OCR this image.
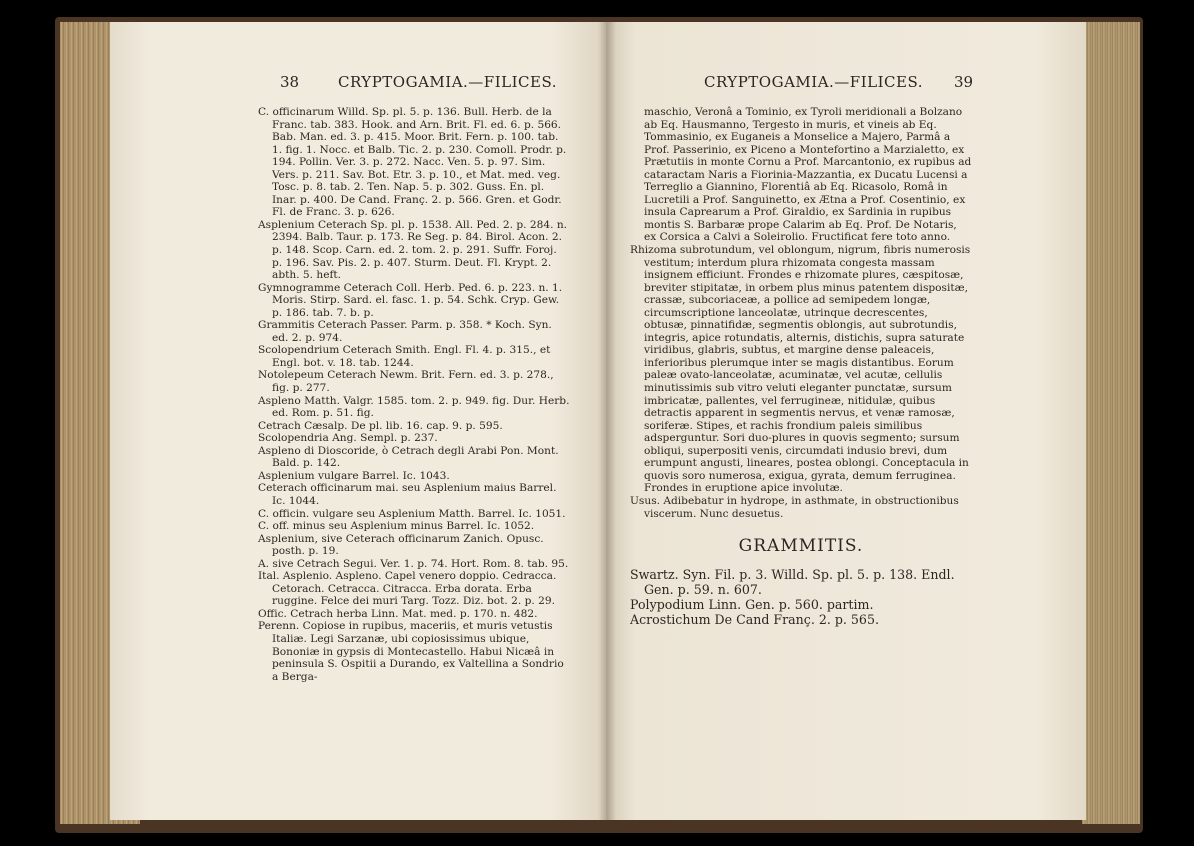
38	CRYPTOGAMIA.—FILICES.

C. officinarum Willd. Sp. pl. 5. p. 136. Bull. Herb. de la Franc. tab. 383. Hook. and Arn. Brit. Fl. ed. 6. p. 566. Bab. Man. ed. 3. p. 415. Moor. Brit. Fern. p. 100. tab. 1. fig. 1. Nocc. et Balb. Tic. 2. p. 230. Comoll. Prodr. p. 194. Pollin. Ver. 3. p. 272. Nacc. Ven. 5. p. 97. Sim. Vers. p. 211. Sav. Bot. Etr. 3. p. 10., et Mat. med. veg. Tosc. p. 8. tab. 2. Ten. Nap. 5. p. 302. Guss. En. pl. Inar. p. 400. De Cand. Franç. 2. p. 566. Gren. et Godr. Fl. de Franc. 3. p. 626.

Asplenium Ceterach Sp. pl. p. 1538. All. Ped. 2. p. 284. n. 2394. Balb. Taur. p. 173. Re Seg. p. 84. Birol. Acon. 2. p. 148. Scop. Carn. ed. 2. tom. 2. p. 291. Suffr. Foroj. p. 196. Sav. Pis. 2. p. 407. Sturm. Deut. Fl. Krypt. 2. abth. 5. heft.

Gymnogramme Ceterach Coll. Herb. Ped. 6. p. 223. n. 1. Moris. Stirp. Sard. el. fasc. 1. p. 54. Schk. Cryp. Gew. p. 186. tab. 7. b. p.

Grammitis Ceterach Passer. Parm. p. 358. * Koch. Syn. ed. 2. p. 974.

Scolopendrium Ceterach Smith. Engl. Fl. 4. p. 315., et Engl. bot. v. 18. tab. 1244.

Notolepeum Ceterach Newm. Brit. Fern. ed. 3. p. 278., fig. p. 277.

Aspleno Matth. Valgr. 1585. tom. 2. p. 949. fig. Dur. Herb. ed. Rom. p. 51. fig.

Cetrach Cæsalp. De pl. lib. 16. cap. 9. p. 595.

Scolopendria Ang. Sempl. p. 237.

Aspleno di Dioscoride, ò Cetrach degli Arabi Pon. Mont. Bald. p. 142.

Asplenium vulgare Barrel. Ic. 1043.

Ceterach officinarum mai. seu Asplenium maius Barrel. Ic. 1044.

C. officin. vulgare seu Asplenium Matth. Barrel. Ic. 1051.

C. off. minus seu Asplenium minus Barrel. Ic. 1052.

Asplenium, sive Ceterach officinarum Zanich. Opusc. posth. p. 19.

A. sive Cetrach Segui. Ver. 1. p. 74. Hort. Rom. 8. tab. 95.

Ital. Asplenio. Aspleno. Capel venero doppio. Cedracca. Cetorach. Cetracca. Citracca. Erba dorata. Erba ruggine. Felce dei muri Targ. Tozz. Diz. bot. 2. p. 29.

Offic. Cetrach herba Linn. Mat. med. p. 170. n. 482.

Perenn. Copiose in rupibus, maceriis, et muris vetustis Italiæ. Legi Sarzanæ, ubi copiosissimus ubique, Bononiæ in gypsis di Montecastello. Habui Nicæâ in peninsula S. Ospitii a Durando, ex Valtellina a Sondrio a Berga-

CRYPTOGAMIA.—FILICES. 39

maschio, Veronâ a Tominio, ex Tyroli meridionali a Bolzano ab Eq. Hausmanno, Tergesto in muris, et vineis ab Eq. Tommasinio, ex Euganeis a Monselice a Majero, Parmâ a Prof. Passerinio, ex Piceno a Montefortino a Marzialetto, ex Prætutiis in monte Cornu a Prof. Marcantonio, ex rupibus ad cataractam Naris a Fiorinia-Mazzantia, ex Ducatu Lucensi a Terreglio a Giannino, Florentiâ ab Eq. Ricasolo, Româ in Lucretili a Prof. Sanguinetto, ex Ætna a Prof. Cosentinio, ex insula Caprearum a Prof. Giraldio, ex Sardinia in rupibus montis S. Barbaræ prope Calarim ab Eq. Prof. De Notaris, ex Corsica a Calvi a Soleirolio. Fructificat fere toto anno.

Rhizoma subrotundum, vel oblongum, nigrum, fibris numerosis vestitum; interdum plura rhizomata congesta massam insignem efficiunt. Frondes e rhizomate plures, cæspitosæ, breviter stipitatæ, in orbem plus minus patentem dispositæ, crassæ, subcoriaceæ, a pollice ad semipedem longæ, circumscriptione lanceolatæ, utrinque decrescentes, obtusæ, pinnatifidæ, segmentis oblongis, aut subrotundis, integris, apice rotundatis, alternis, distichis, supra saturate viridibus, glabris, subtus, et margine dense paleaceis, inferioribus plerumque inter se magis distantibus. Eorum paleæ ovato-lanceolatæ, acuminatæ, vel acutæ, cellulis minutissimis sub vitro veluti eleganter punctatæ, sursum imbricatæ, pallentes, vel ferrugineæ, nitidulæ, quibus detractis apparent in segmentis nervus, et venæ ramosæ, soriferæ. Stipes, et rachis frondium paleis similibus adsperguntur. Sori duo-plures in quovis segmento; sursum obliqui, superpositi venis, circumdati indusio brevi, dum erumpunt angusti, lineares, postea oblongi. Conceptacula in quovis soro numerosa, exigua, gyrata, demum ferruginea. Frondes in eruptione apice involutæ.

Usus. Adibebatur in hydrope, in asthmate, in obstructionibus viscerum. Nunc desuetus.

GRAMMITIS.

Swartz. Syn. Fil. p. 3. Willd. Sp. pl. 5. p. 138. Endl. Gen. p. 59. n. 607.

Polypodium Linn. Gen. p. 560. partim.

Acrostichum De Cand Franç. 2. p. 565.
